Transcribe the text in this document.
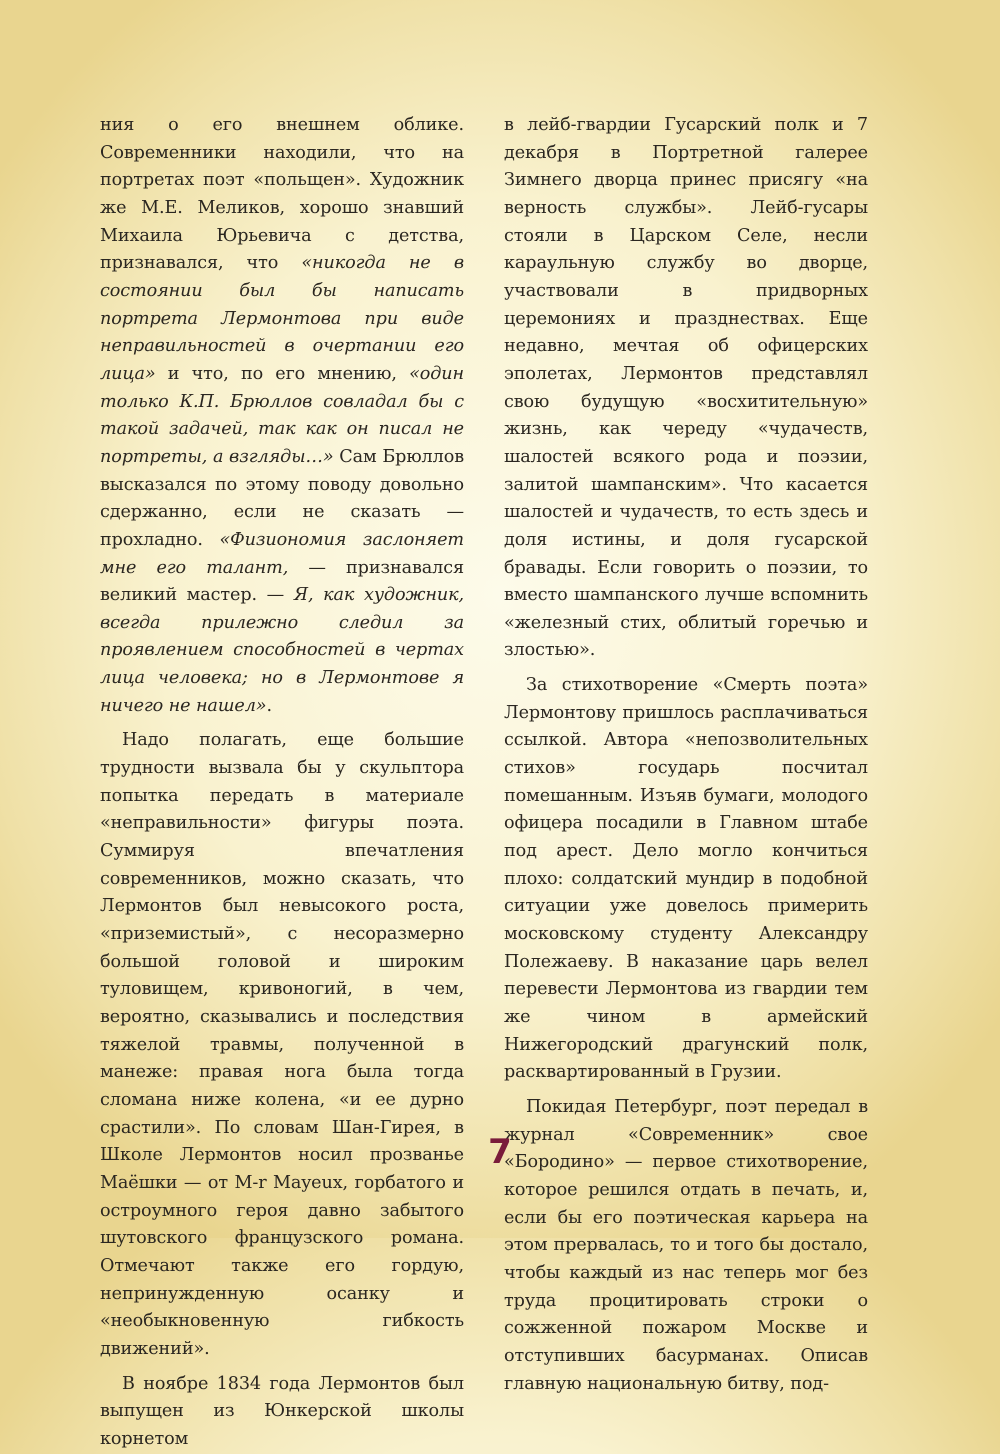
ния о его внешнем облике. Современники находили, что на портретах поэт «польщен». Художник же М.Е. Меликов, хорошо знавший Михаила Юрьевича с детства, признавался, что «никогда не в состоянии был бы написать портрета Лермонтова при виде неправильностей в очертании его лица» и что, по его мнению, «один только К.П. Брюллов совладал бы с такой задачей, так как он писал не портреты, а взгляды…» Сам Брюллов высказался по этому поводу довольно сдержанно, если не сказать — прохладно. «Физиономия заслоняет мне его талант, — признавался великий мастер. — Я, как художник, всегда прилежно следил за проявлением способностей в чертах лица человека; но в Лермонтове я ничего не нашел».

Надо полагать, еще большие трудности вызвала бы у скульптора попытка передать в материале «неправильности» фигуры поэта. Суммируя впечатления современников, можно сказать, что Лермонтов был невысокого роста, «приземистый», с несоразмерно большой головой и широким туловищем, кривоногий, в чем, вероятно, сказывались и последствия тяжелой травмы, полученной в манеже: правая нога была тогда сломана ниже колена, «и ее дурно срастили». По словам Шан-Гирея, в Школе Лермонтов носил прозванье Маёшки — от M-r Mayeux, горбатого и остроумного героя давно забытого шутовского французского романа. Отмечают также его гордую, непринужденную осанку и «необыкновенную гибкость движений».

В ноябре 1834 года Лермонтов был выпущен из Юнкерской школы корнетом

в лейб-гвардии Гусарский полк и 7 декабря в Портретной галерее Зимнего дворца принес присягу «на верность службы». Лейб-гусары стояли в Царском Селе, несли караульную службу во дворце, участвовали в придворных церемониях и празднествах. Еще недавно, мечтая об офицерских эполетах, Лермонтов представлял свою будущую «восхитительную» жизнь, как череду «чудачеств, шалостей всякого рода и поэзии, залитой шампанским». Что касается шалостей и чудачеств, то есть здесь и доля истины, и доля гусарской бравады. Если говорить о поэзии, то вместо шампанского лучше вспомнить «железный стих, облитый горечью и злостью».

За стихотворение «Смерть поэта» Лермонтову пришлось расплачиваться ссылкой. Автора «непозволительных стихов» государь посчитал помешанным. Изъяв бумаги, молодого офицера посадили в Главном штабе под арест. Дело могло кончиться плохо: солдатский мундир в подобной ситуации уже довелось примерить московскому студенту Александру Полежаеву. В наказание царь велел перевести Лермонтова из гвардии тем же чином в армейский Нижегородский драгунский полк, расквартированный в Грузии.

Покидая Петербург, поэт передал в журнал «Современник» свое «Бородино» — первое стихотворение, которое решился отдать в печать, и, если бы его поэтическая карьера на этом прервалась, то и того бы достало, чтобы каждый из нас теперь мог без труда процитировать строки о сожженной пожаром Москве и отступивших басурманах. Описав главную национальную битву, под-

7
